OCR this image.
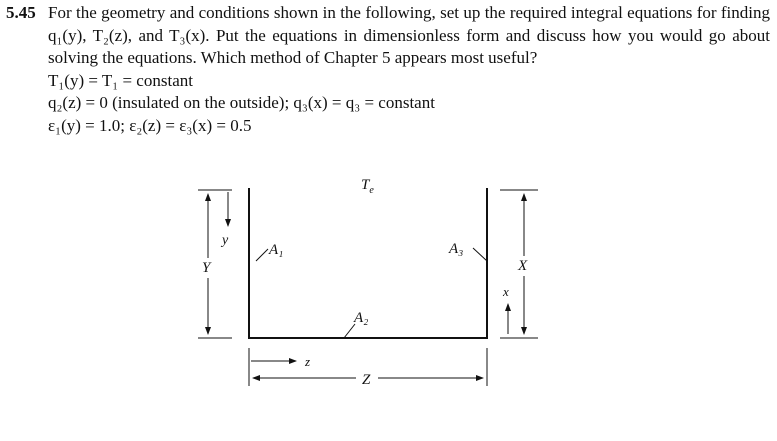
5.45 For the geometry and conditions shown in the following, set up the required integral equations for finding q₁(y), T₂(z), and T₃(x). Put the equations in dimensionless form and discuss how you would go about solving the equations. Which method of Chapter 5 appears most useful?
T₁(y) = T₁ = constant
q₂(z) = 0 (insulated on the outside); q₃(x) = q₃ = constant
ε₁(y) = 1.0; ε₂(z) = ε₃(x) = 0.5
$T_e$
A₁	A₃
A₂
Y
y
X
x
Z
z
